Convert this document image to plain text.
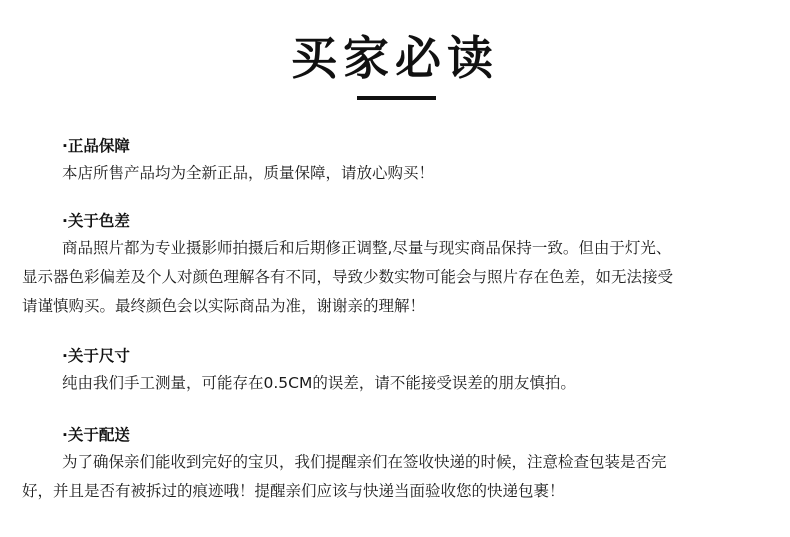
买家必读
·正品保障

本店所售产品均为全新正品，质量保障，请放心购买！

·关于色差

商品照片都为专业摄影师拍摄后和后期修正调整,尽量与现实商品保持一致。但由于灯光、

显示器色彩偏差及个人对颜色理解各有不同，导致少数实物可能会与照片存在色差，如无法接受

请谨慎购买。最终颜色会以实际商品为准，谢谢亲的理解！

·关于尺寸

纯由我们手工测量，可能存在0.5CM的误差，请不能接受误差的朋友慎拍。

·关于配送

为了确保亲们能收到完好的宝贝，我们提醒亲们在签收快递的时候，注意检查包装是否完

好，并且是否有被拆过的痕迹哦！提醒亲们应该与快递当面验收您的快递包裹！
